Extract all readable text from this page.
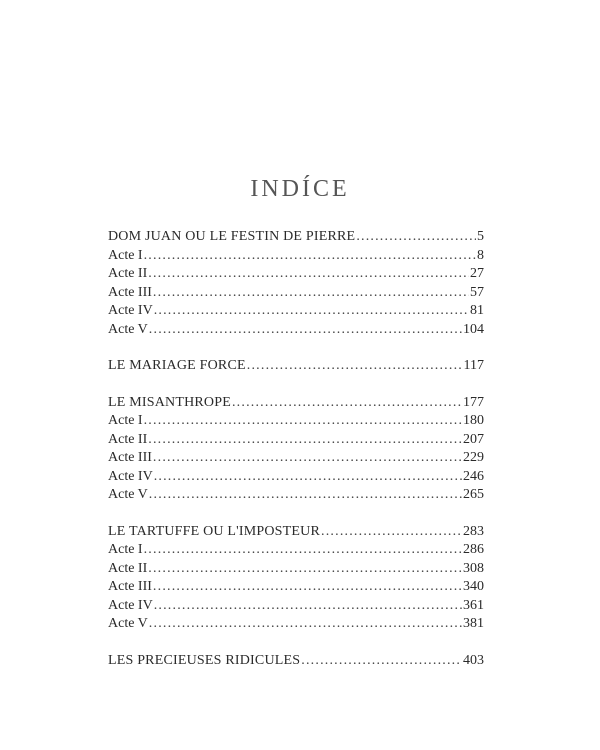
INDÍCE
DOM JUAN OU LE FESTIN DE PIERRE .....	5
Acte I .....	8
Acte II .....	27
Acte III .....	57
Acte IV .....	81
Acte V .....	104
LE MARIAGE FORCE .....	117
LE MISANTHROPE .....	177
Acte I .....	180
Acte II .....	207
Acte III .....	229
Acte IV .....	246
Acte V .....	265
LE TARTUFFE OU L'IMPOSTEUR .....	283
Acte I .....	286
Acte II .....	308
Acte III .....	340
Acte IV .....	361
Acte V .....	381
LES PRECIEUSES RIDICULES .....	403
